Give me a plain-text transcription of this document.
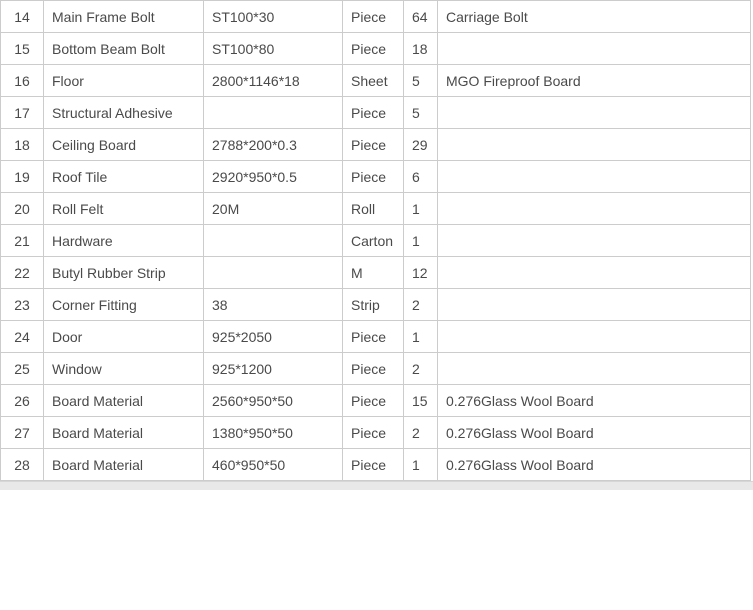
14	Main Frame Bolt	ST100*30	Piece	64	Carriage Bolt
15	Bottom Beam Bolt	ST100*80	Piece	18	
16	Floor	2800*1146*18	Sheet	5	MGO Fireproof Board
17	Structural Adhesive		Piece	5	
18	Ceiling Board	2788*200*0.3	Piece	29	
19	Roof Tile	2920*950*0.5	Piece	6	
20	Roll Felt	20M	Roll	1	
21	Hardware		Carton	1	
22	Butyl Rubber Strip		M	12	
23	Corner Fitting	38	Strip	2	
24	Door	925*2050	Piece	1	
25	Window	925*1200	Piece	2	
26	Board Material	2560*950*50	Piece	15	0.276Glass Wool Board
27	Board Material	1380*950*50	Piece	2	0.276Glass Wool Board
28	Board Material	460*950*50	Piece	1	0.276Glass Wool Board
